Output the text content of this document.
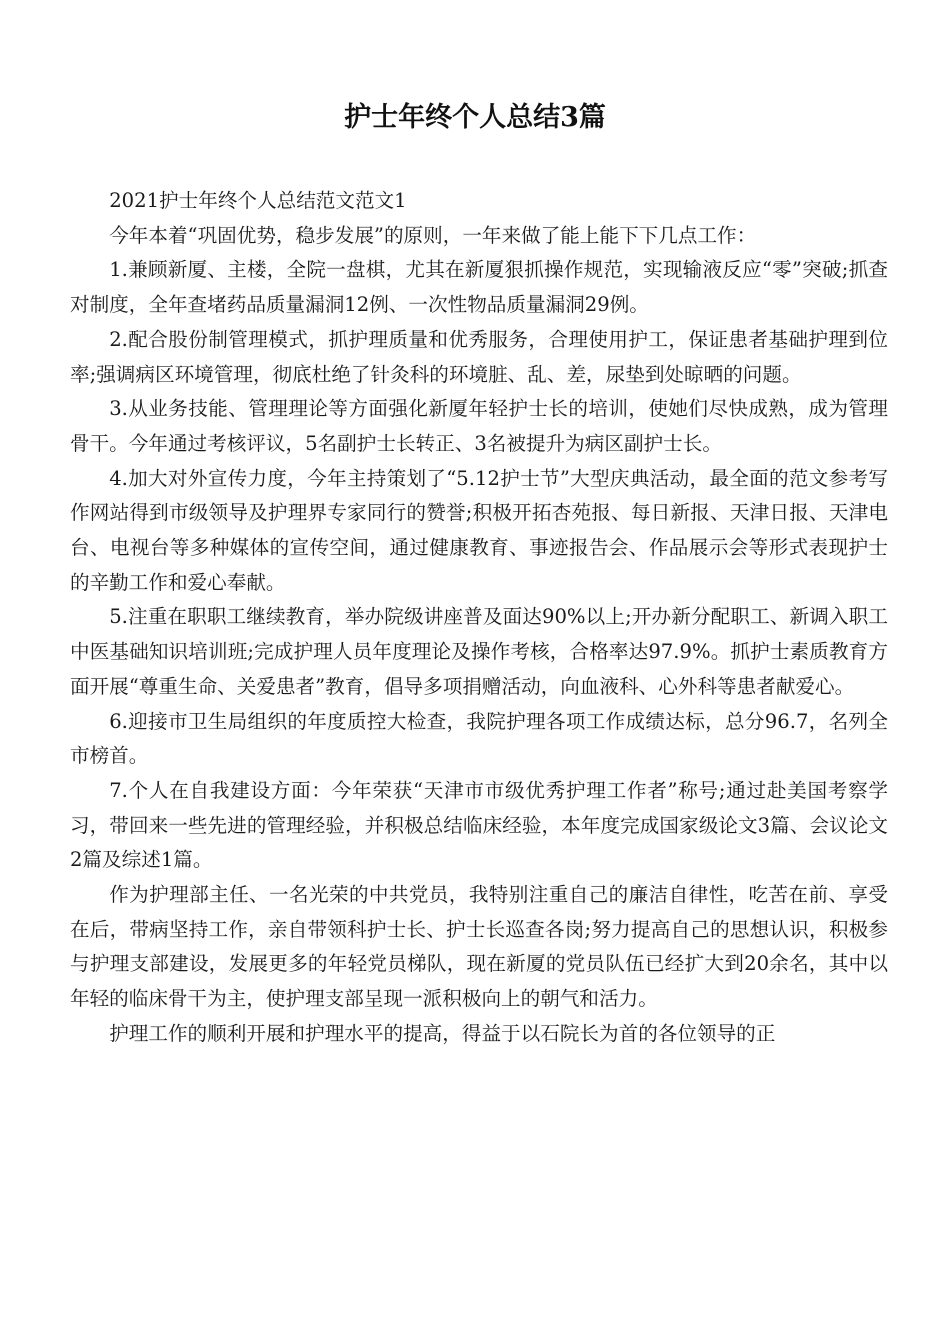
护士年终个人总结3篇

2021护士年终个人总结范文范文1

今年本着“巩固优势，稳步发展”的原则，一年来做了能上能下下几点工作：

1.兼顾新厦、主楼，全院一盘棋，尤其在新厦狠抓操作规范，实现输液反应“零”突破;抓查对制度，全年查堵药品质量漏洞12例、一次性物品质量漏洞29例。

2.配合股份制管理模式，抓护理质量和优秀服务，合理使用护工，保证患者基础护理到位率;强调病区环境管理，彻底杜绝了针灸科的环境脏、乱、差，尿垫到处晾晒的问题。

3.从业务技能、管理理论等方面强化新厦年轻护士长的培训，使她们尽快成熟，成为管理骨干。今年通过考核评议，5名副护士长转正、3名被提升为病区副护士长。

4.加大对外宣传力度，今年主持策划了“5.12护士节”大型庆典活动，最全面的范文参考写作网站得到市级领导及护理界专家同行的赞誉;积极开拓杏苑报、每日新报、天津日报、天津电台、电视台等多种媒体的宣传空间，通过健康教育、事迹报告会、作品展示会等形式表现护士的辛勤工作和爱心奉献。

5.注重在职职工继续教育，举办院级讲座普及面达90%以上;开办新分配职工、新调入职工中医基础知识培训班;完成护理人员年度理论及操作考核，合格率达97.9%。抓护士素质教育方面开展“尊重生命、关爱患者”教育，倡导多项捐赠活动，向血液科、心外科等患者献爱心。

6.迎接市卫生局组织的年度质控大检查，我院护理各项工作成绩达标，总分96.7，名列全市榜首。

7.个人在自我建设方面：今年荣获“天津市市级优秀护理工作者”称号;通过赴美国考察学习，带回来一些先进的管理经验，并积极总结临床经验，本年度完成国家级论文3篇、会议论文2篇及综述1篇。

作为护理部主任、一名光荣的中共党员，我特别注重自己的廉洁自律性，吃苦在前、享受在后，带病坚持工作，亲自带领科护士长、护士长巡查各岗;努力提高自己的思想认识，积极参与护理支部建设，发展更多的年轻党员梯队，现在新厦的党员队伍已经扩大到20余名，其中以年轻的临床骨干为主，使护理支部呈现一派积极向上的朝气和活力。

护理工作的顺利开展和护理水平的提高，得益于以石院长为首的各位领导的正
